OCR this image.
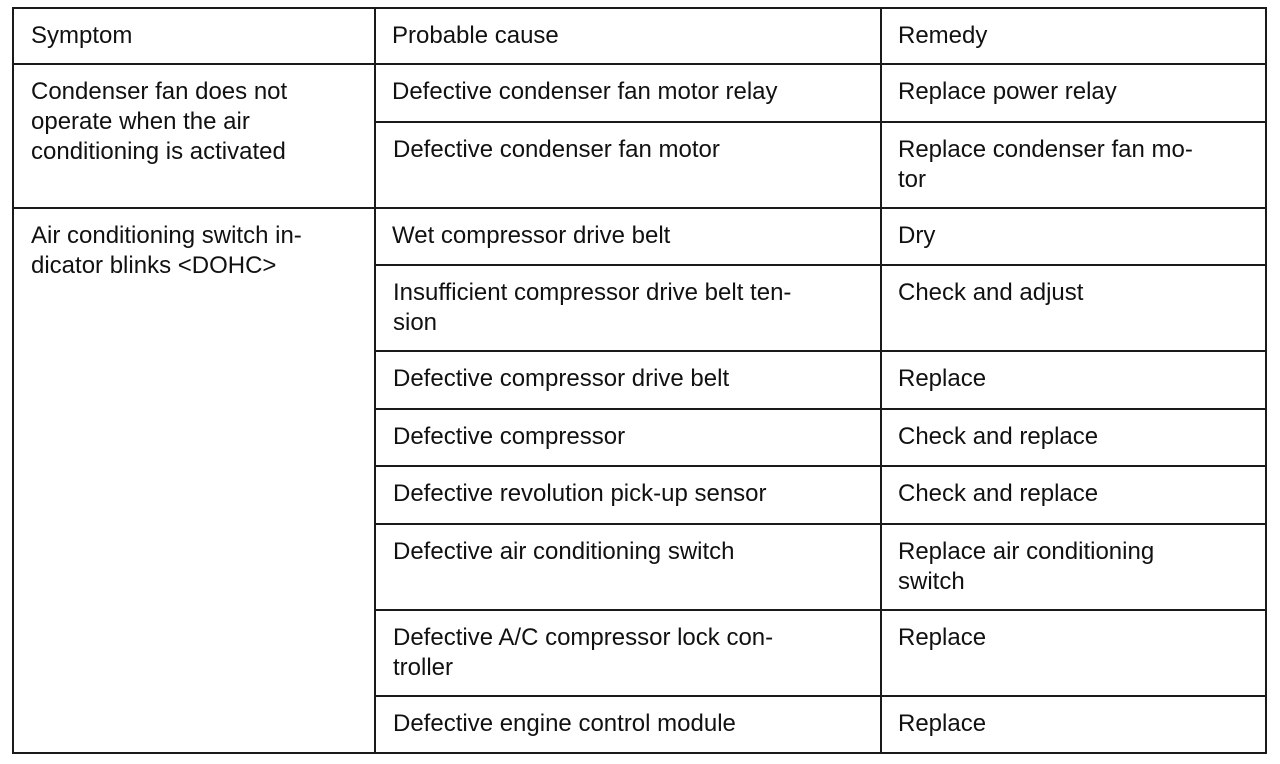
Symptom	Probable cause	Remedy
Condenser fan does not
operate when the air
conditioning is activated	Defective condenser fan motor relay	Replace power relay
	Defective condenser fan motor	Replace condenser fan mo-
tor
Air conditioning switch in-
dicator blinks <DOHC>	Wet compressor drive belt	Dry
	Insufficient compressor drive belt ten-
sion	Check and adjust
	Defective compressor drive belt	Replace
	Defective compressor	Check and replace
	Defective revolution pick-up sensor	Check and replace
	Defective air conditioning switch	Replace air conditioning
switch
	Defective A/C compressor lock con-
troller	Replace
	Defective engine control module	Replace
